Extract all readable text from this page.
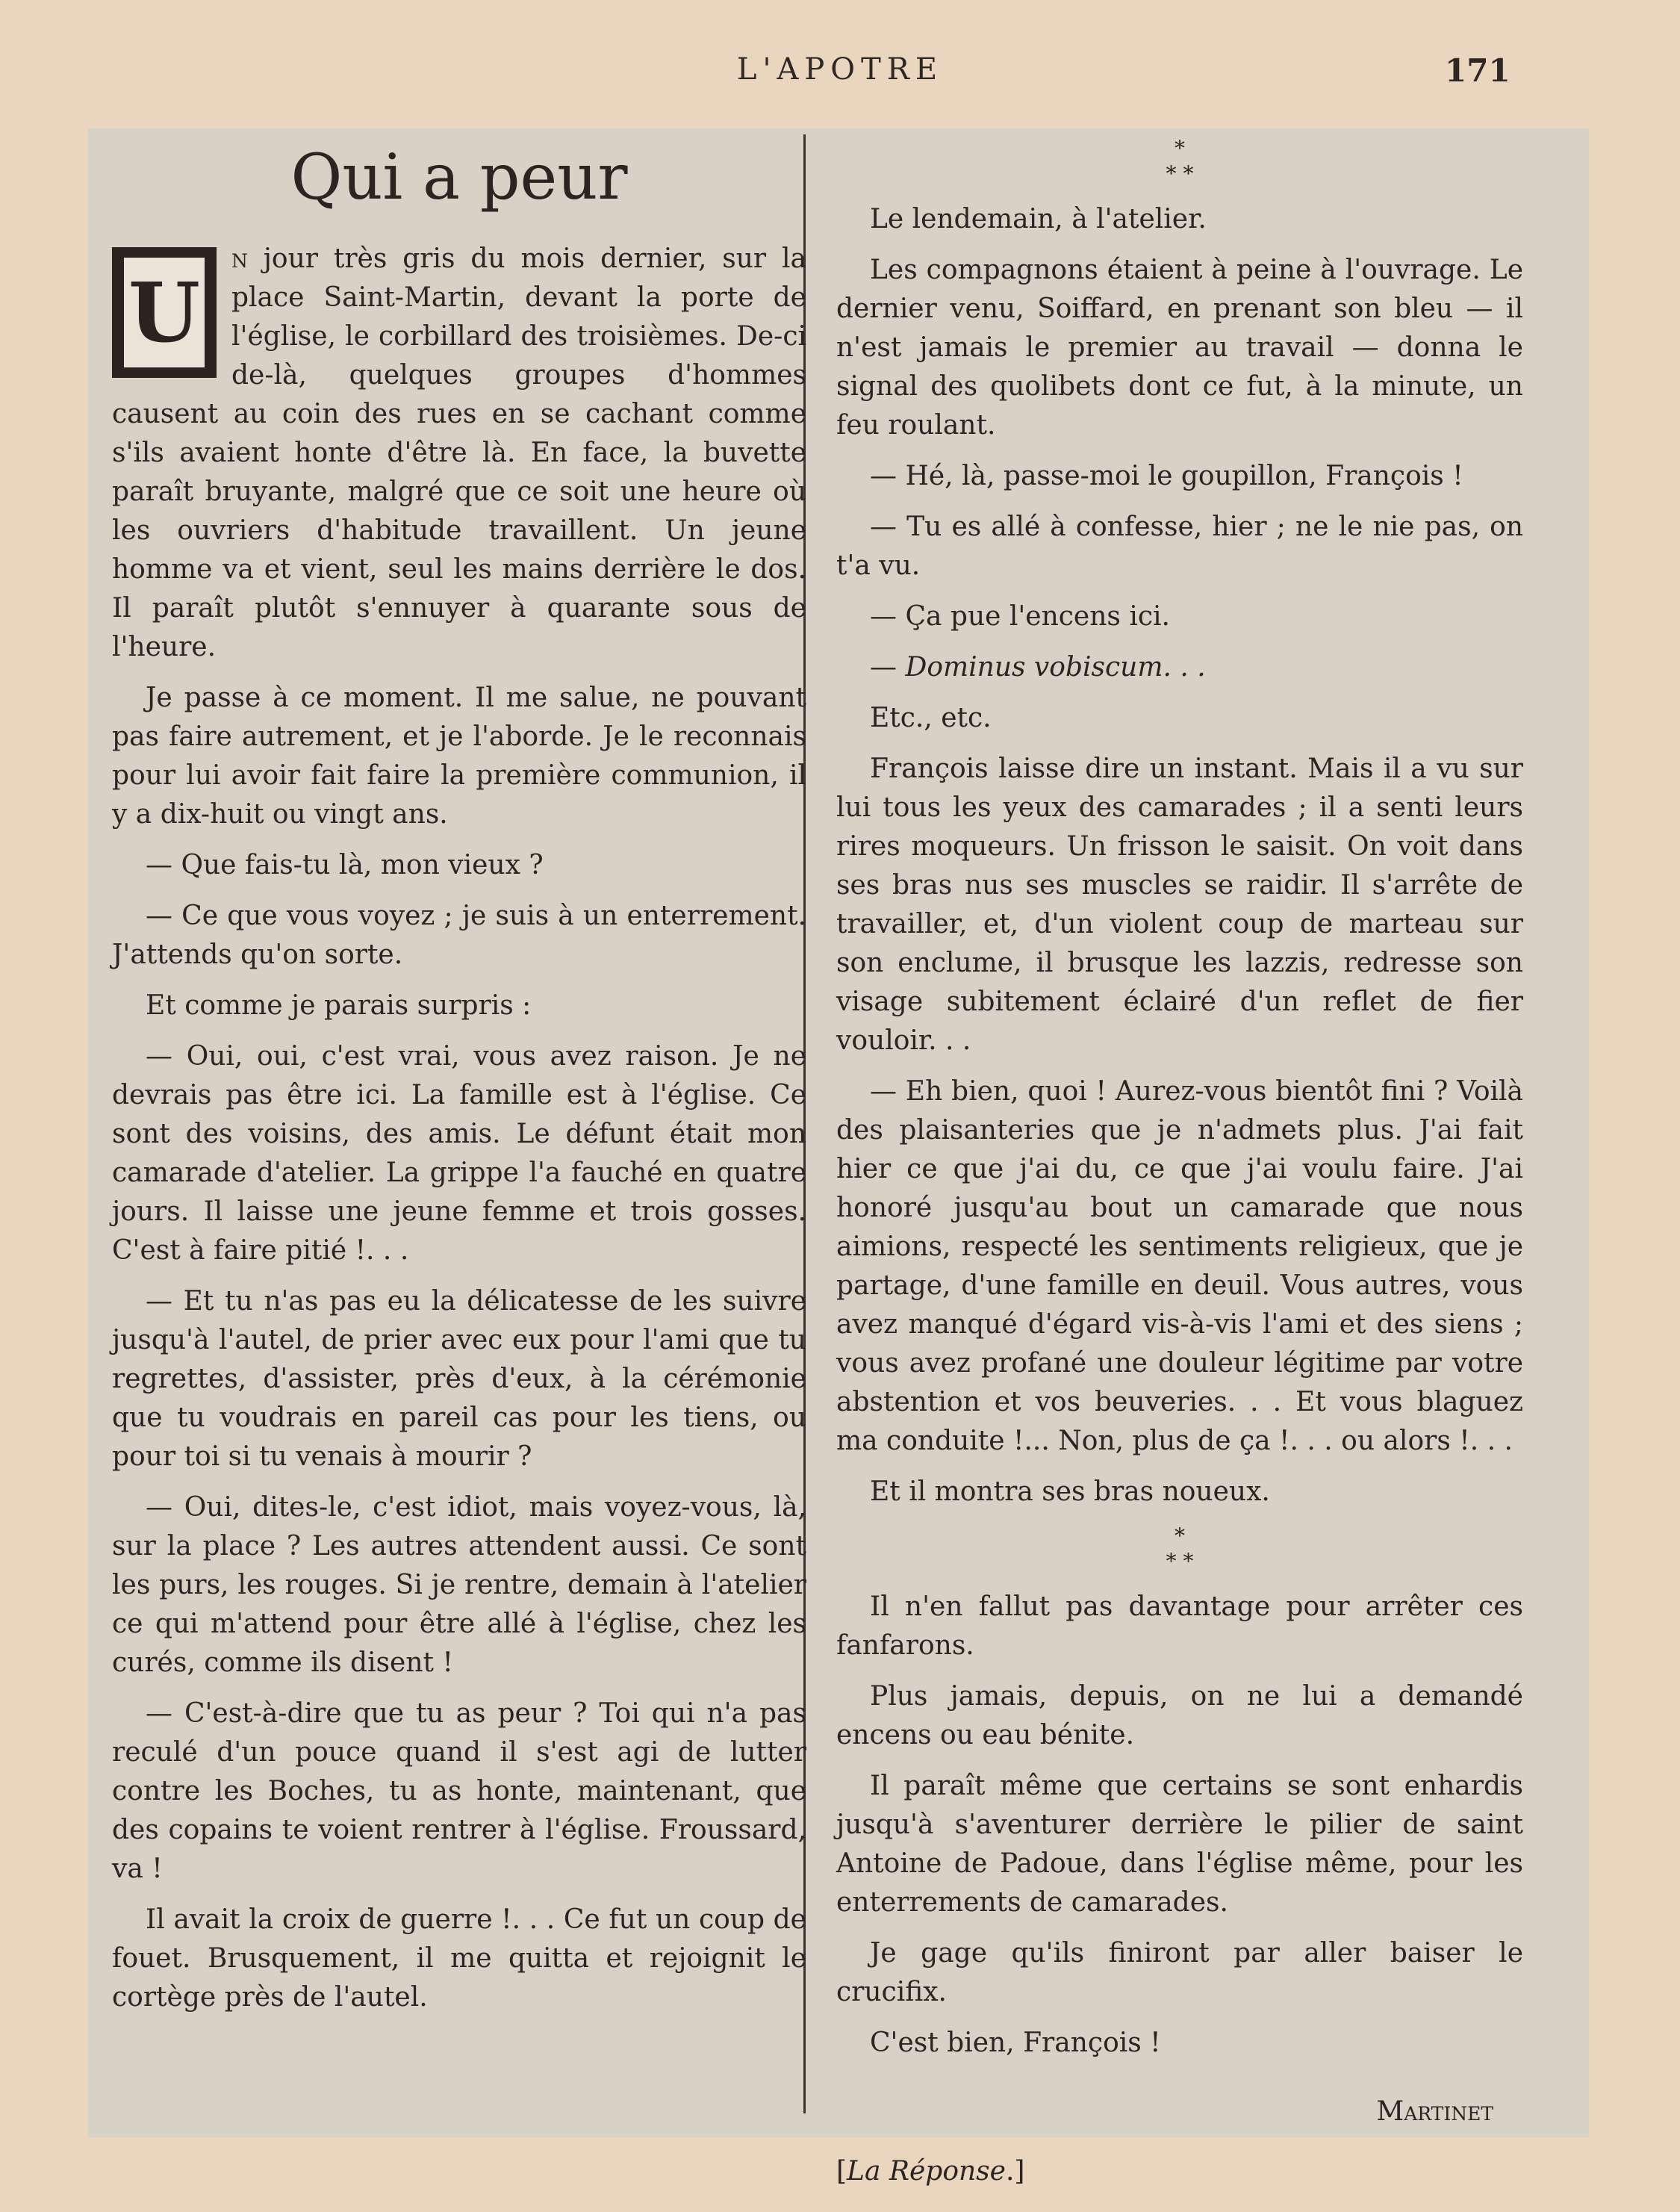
L'APOTRE	171
Qui a peur

U
n jour très gris du mois dernier, sur la place Saint-Martin, devant la porte de l'église, le corbillard des troisièmes. De-ci de-là, quelques groupes d'hommes causent au coin des rues en se cachant comme s'ils avaient honte d'être là. En face, la buvette paraît bruyante, malgré que ce soit une heure où les ouvriers d'habitude travaillent. Un jeune homme va et vient, seul les mains derrière le dos. Il paraît plutôt s'ennuyer à quarante sous de l'heure.

Je passe à ce moment. Il me salue, ne pouvant pas faire autrement, et je l'aborde. Je le reconnais pour lui avoir fait faire la première communion, il y a dix-huit ou vingt ans.

— Que fais-tu là, mon vieux ?

— Ce que vous voyez ; je suis à un enterrement. J'attends qu'on sorte.

Et comme je parais surpris :

— Oui, oui, c'est vrai, vous avez raison. Je ne devrais pas être ici. La famille est à l'église. Ce sont des voisins, des amis. Le défunt était mon camarade d'atelier. La grippe l'a fauché en quatre jours. Il laisse une jeune femme et trois gosses. C'est à faire pitié !. . .

— Et tu n'as pas eu la délicatesse de les suivre jusqu'à l'autel, de prier avec eux pour l'ami que tu regrettes, d'assister, près d'eux, à la cérémonie que tu voudrais en pareil cas pour les tiens, ou pour toi si tu venais à mourir ?

— Oui, dites-le, c'est idiot, mais voyez-vous, là, sur la place ? Les autres attendent aussi. Ce sont les purs, les rouges. Si je rentre, demain à l'atelier ce qui m'attend pour être allé à l'église, chez les curés, comme ils disent !

— C'est-à-dire que tu as peur ? Toi qui n'a pas reculé d'un pouce quand il s'est agi de lutter contre les Boches, tu as honte, maintenant, que des copains te voient rentrer à l'église. Froussard, va !

Il avait la croix de guerre !. . . Ce fut un coup de fouet. Brusquement, il me quitta et rejoignit le cortège près de l'autel.

*
* *

Le lendemain, à l'atelier.

Les compagnons étaient à peine à l'ouvrage. Le dernier venu, Soiffard, en prenant son bleu — il n'est jamais le premier au travail — donna le signal des quolibets dont ce fut, à la minute, un feu roulant.

— Hé, là, passe-moi le goupillon, François !

— Tu es allé à confesse, hier ; ne le nie pas, on t'a vu.

— Ça pue l'encens ici.

— Dominus vobiscum. . .

Etc., etc.

François laisse dire un instant. Mais il a vu sur lui tous les yeux des camarades ; il a senti leurs rires moqueurs. Un frisson le saisit. On voit dans ses bras nus ses muscles se raidir. Il s'arrête de travailler, et, d'un violent coup de marteau sur son enclume, il brusque les lazzis, redresse son visage subitement éclairé d'un reflet de fier vouloir. . .

— Eh bien, quoi ! Aurez-vous bientôt fini ? Voilà des plaisanteries que je n'admets plus. J'ai fait hier ce que j'ai du, ce que j'ai voulu faire. J'ai honoré jusqu'au bout un camarade que nous aimions, respecté les sentiments religieux, que je partage, d'une famille en deuil. Vous autres, vous avez manqué d'égard vis-à-vis l'ami et des siens ; vous avez profané une douleur légitime par votre abstention et vos beuveries. . . Et vous blaguez ma conduite !... Non, plus de ça !. . . ou alors !. . .

Et il montra ses bras noueux.

*
* *

Il n'en fallut pas davantage pour arrêter ces fanfarons.

Plus jamais, depuis, on ne lui a demandé encens ou eau bénite.

Il paraît même que certains se sont enhardis jusqu'à s'aventurer derrière le pilier de saint Antoine de Padoue, dans l'église même, pour les enterrements de camarades.

Je gage qu'ils finiront par aller baiser le crucifix.

C'est bien, François !

Martinet
[La Réponse.]
